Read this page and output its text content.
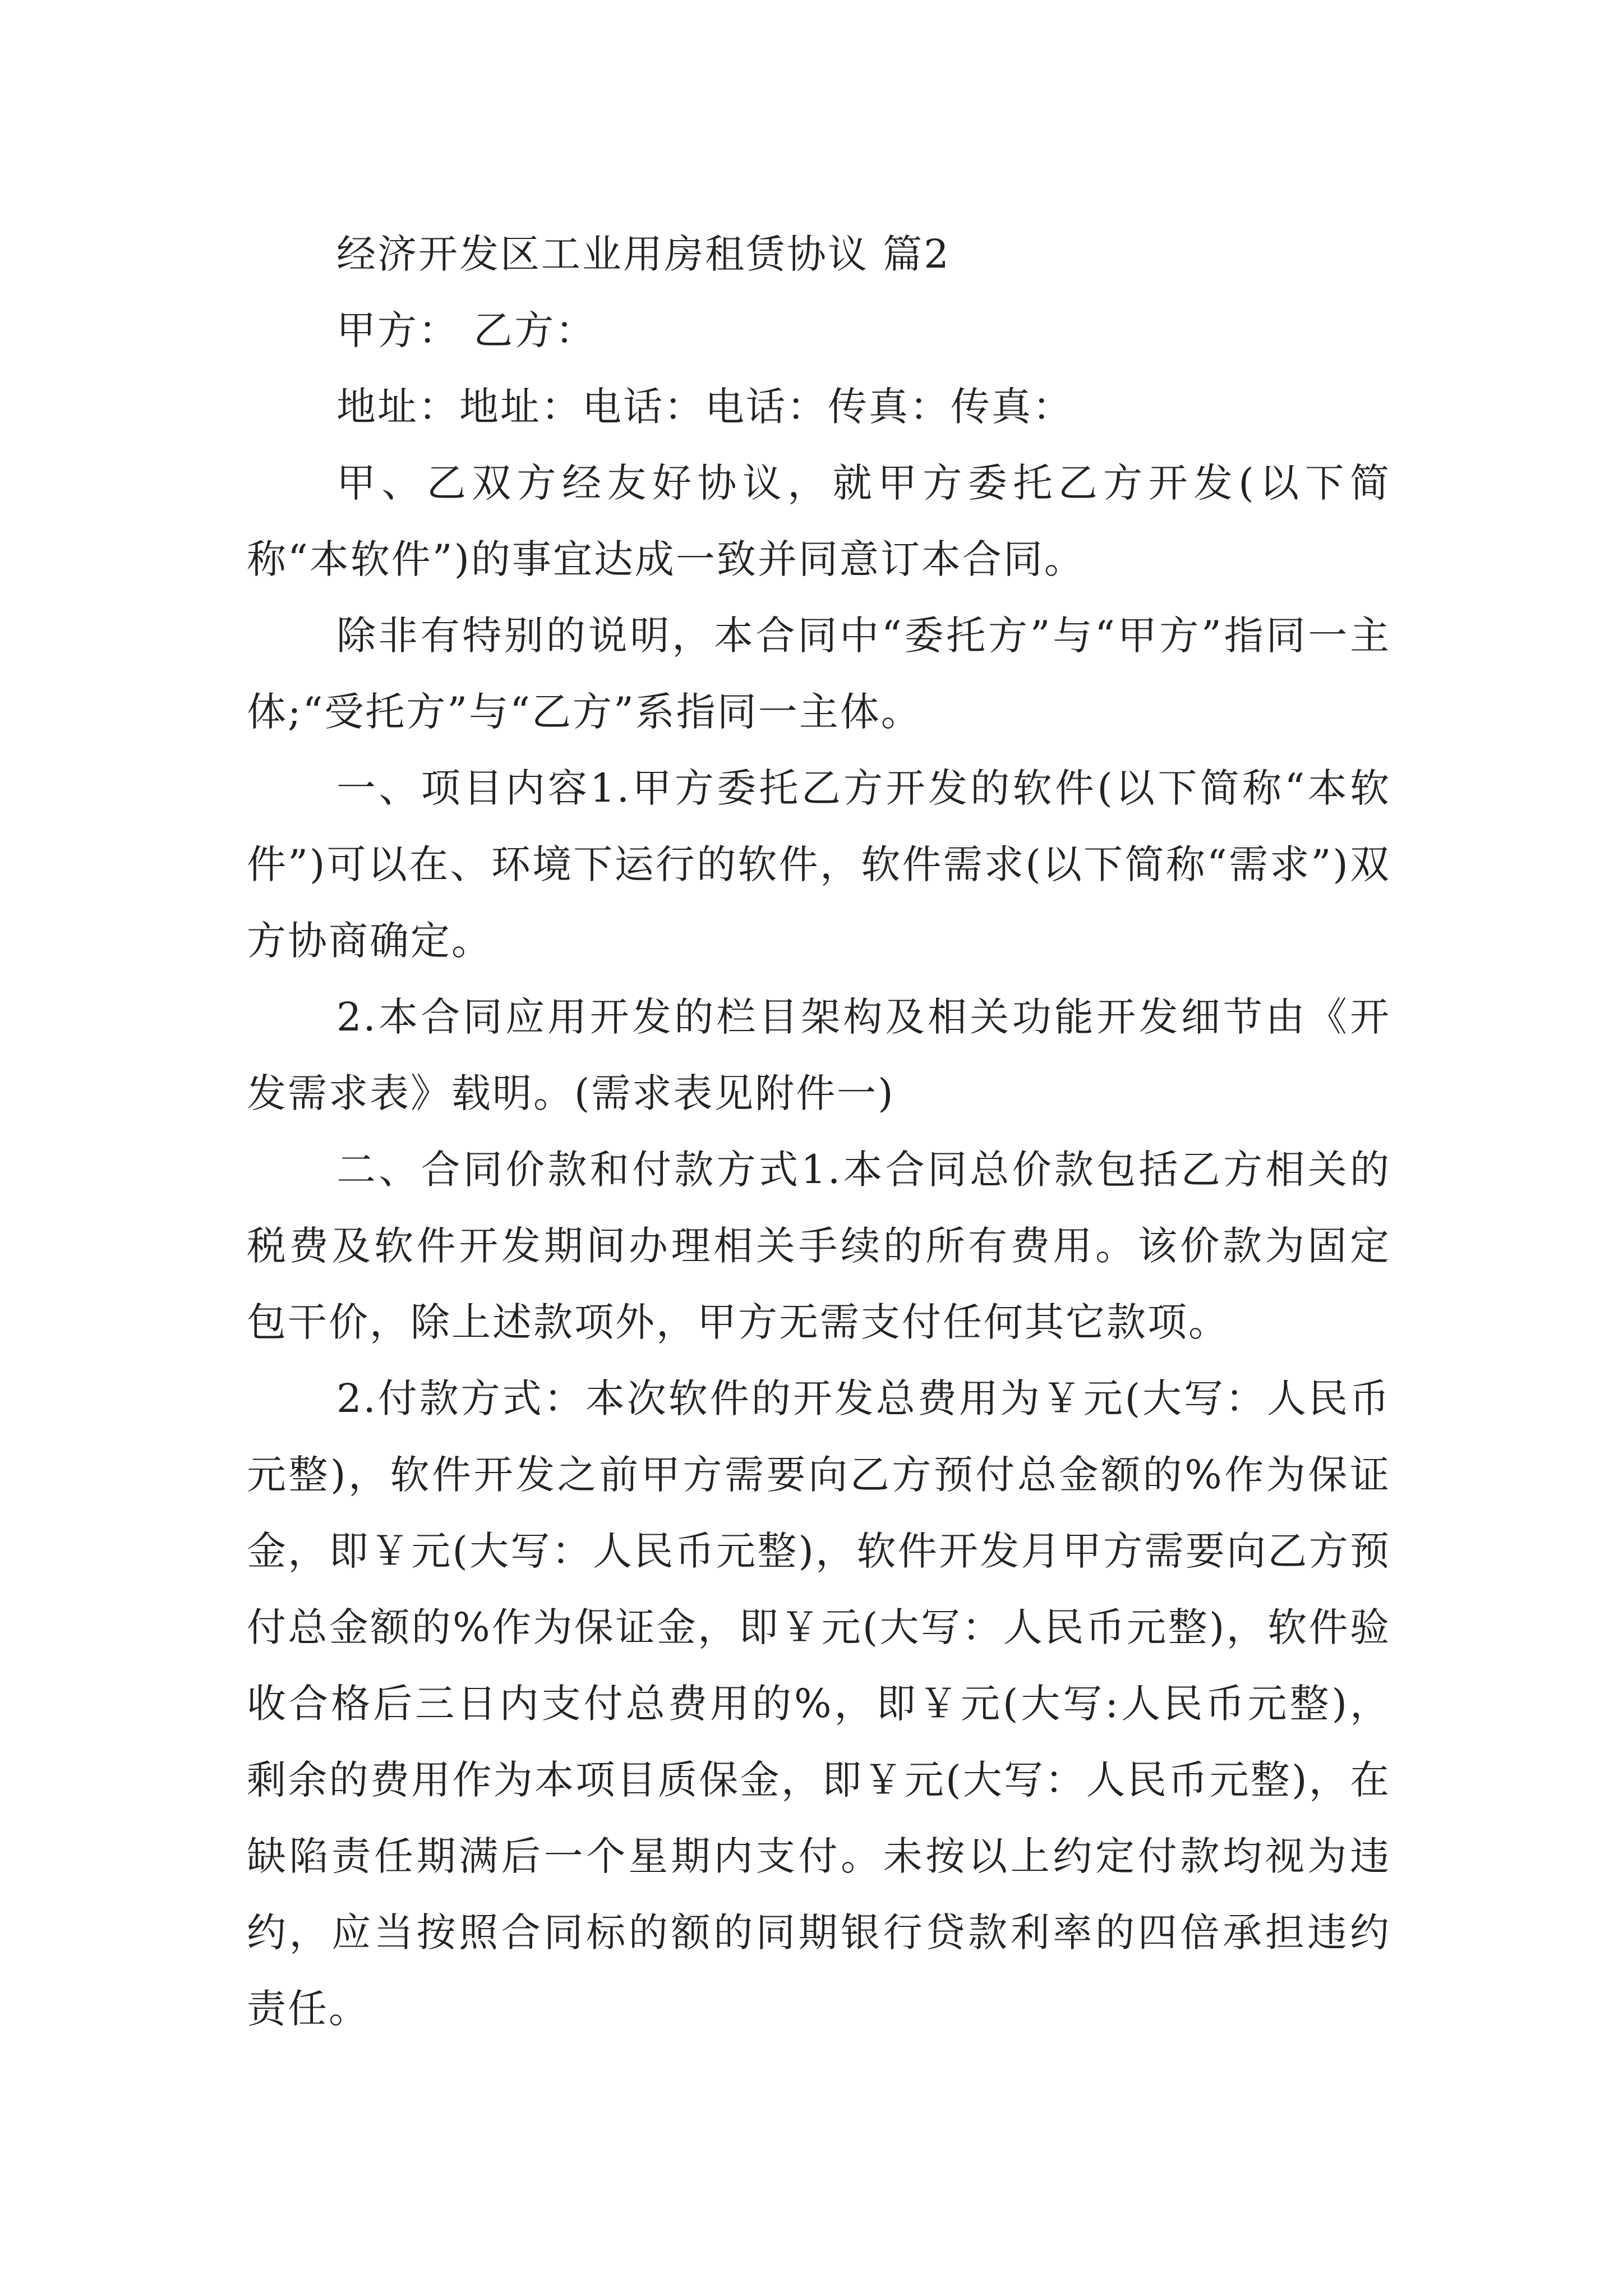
经济开发区工业用房租赁协议 篇2

甲方： 乙方：

地址：地址：电话：电话：传真：传真：

甲、乙双方经友好协议，就甲方委托乙方开发(以下简称“本软件”)的事宜达成一致并同意订本合同。

除非有特别的说明，本合同中“委托方”与“甲方”指同一主体;“受托方”与“乙方”系指同一主体。

一、项目内容1.甲方委托乙方开发的软件(以下简称“本软件”)可以在、环境下运行的软件，软件需求(以下简称“需求”)双方协商确定。

2.本合同应用开发的栏目架构及相关功能开发细节由《开发需求表》载明。(需求表见附件一)

二、合同价款和付款方式1.本合同总价款包括乙方相关的税费及软件开发期间办理相关手续的所有费用。该价款为固定包干价，除上述款项外，甲方无需支付任何其它款项。

2.付款方式：本次软件的开发总费用为￥元(大写：人民币元整)，软件开发之前甲方需要向乙方预付总金额的%作为保证金，即￥元(大写：人民币元整)，软件开发月甲方需要向乙方预付总金额的%作为保证金，即￥元(大写：人民币元整)，软件验收合格后三日内支付总费用的%，即￥元(大写:人民币元整)，剩余的费用作为本项目质保金，即￥元(大写：人民币元整)，在缺陷责任期满后一个星期内支付。未按以上约定付款均视为违约，应当按照合同标的额的同期银行贷款利率的四倍承担违约责任。
